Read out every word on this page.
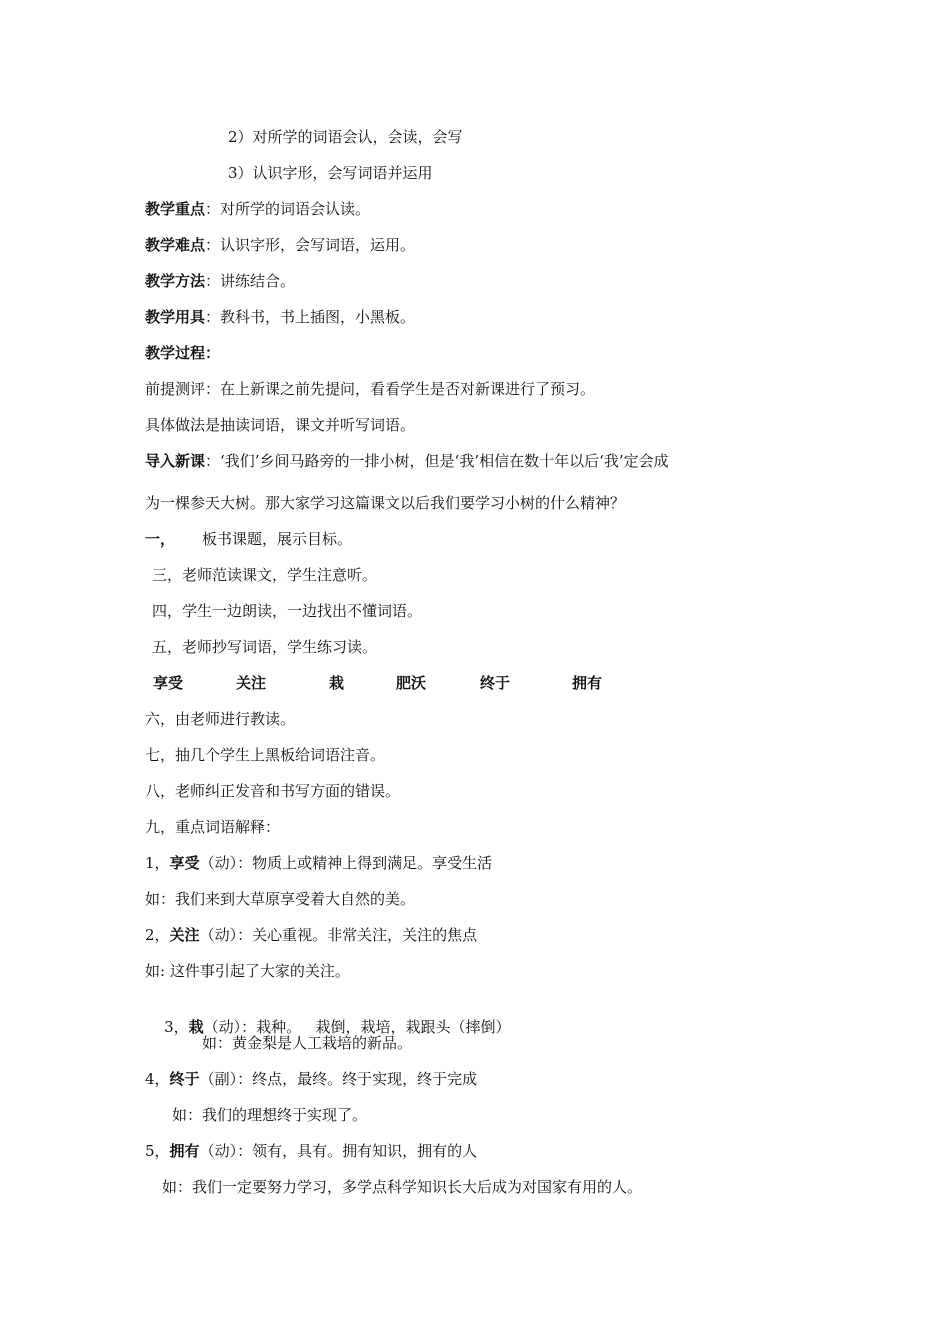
2）对所学的词语会认，会读，会写
3）认识字形，会写词语并运用
教学重点：对所学的词语会认读。
教学难点：认识字形，会写词语，运用。
教学方法：讲练结合。
教学用具：教科书，书上插图，小黑板。
教学过程：
前提测评：在上新课之前先提问，看看学生是否对新课进行了预习。
具体做法是抽读词语，课文并听写词语。
导入新课：‘我们’乡间马路旁的一排小树，但是‘我’相信在数十年以后‘我’定会成
为一棵参天大树。那大家学习这篇课文以后我们要学习小树的什么精神？
一， 板书课题，展示目标。
三，老师范读课文，学生注意听。
四，学生一边朗读，一边找出不懂词语。
五，老师抄写词语，学生练习读。
享受	关注	栽	肥沃	终于	拥有
六，由老师进行教读。
七，抽几个学生上黑板给词语注音。
八，老师纠正发音和书写方面的错误。
九，重点词语解释：
1，享受（动）：物质上或精神上得到满足。享受生活
如：我们来到大草原享受着大自然的美。
2，关注（动）：关心重视。非常关注，关注的焦点
如: 这件事引起了大家的关注。

3，栽（动）：栽种。   栽倒，栽培，栽跟头（摔倒）

如：黄金梨是人工栽培的新品。
4，终于（副）：终点，最终。终于实现，终于完成
如：我们的理想终于实现了。
5，拥有（动）：领有，具有。拥有知识，拥有的人
如：我们一定要努力学习，多学点科学知识长大后成为对国家有用的人。
